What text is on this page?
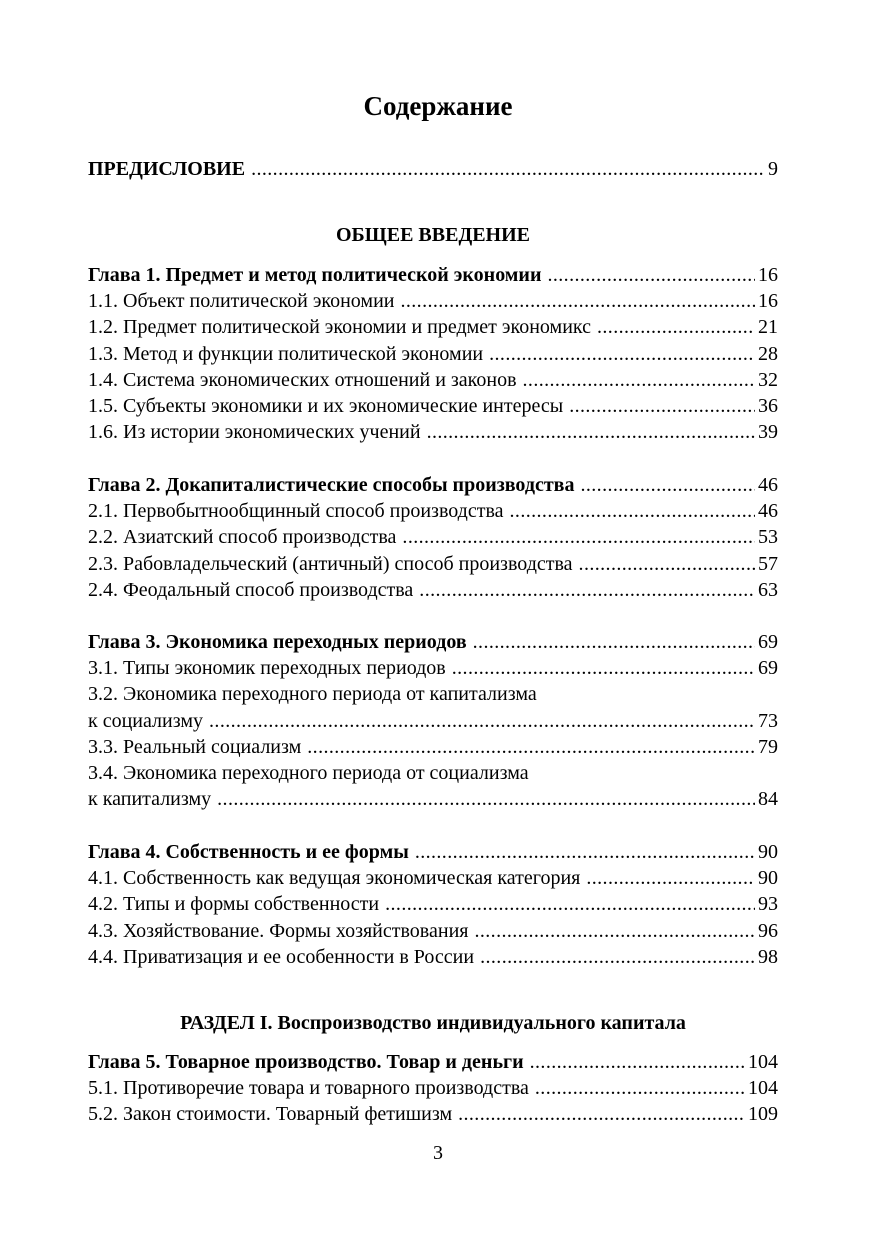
Содержание
ПРЕДИСЛОВИЕ .....	9
ОБЩЕЕ ВВЕДЕНИЕ
Глава 1. Предмет и метод политической экономии .....	16
1.1. Объект политической экономии .....	16
1.2. Предмет политической экономии и предмет экономикс .....	21
1.3. Метод и функции политической экономии .....	28
1.4. Система экономических отношений и законов .....	32
1.5. Субъекты экономики и их экономические интересы .....	36
1.6. Из истории экономических учений .....	39
Глава 2. Докапиталистические способы производства .....	46
2.1. Первобытнообщинный способ производства .....	46
2.2. Азиатский способ производства .....	53
2.3. Рабовладельческий (античный) способ производства .....	57
2.4. Феодальный способ производства .....	63
Глава 3. Экономика переходных периодов .....	69
3.1. Типы экономик переходных периодов .....	69
3.2. Экономика переходного периода от капитализма
к социализму .....	73
3.3. Реальный социализм .....	79
3.4. Экономика переходного периода от социализма
к капитализму .....	84
Глава 4. Собственность и ее формы .....	90
4.1. Собственность как ведущая экономическая категория .....	90
4.2. Типы и формы собственности .....	93
4.3. Хозяйствование. Формы хозяйствования .....	96
4.4. Приватизация и ее особенности в России .....	98
РАЗДЕЛ I. Воспроизводство индивидуального капитала
Глава 5. Товарное производство. Товар и деньги .....	104
5.1. Противоречие товара и товарного производства .....	104
5.2. Закон стоимости. Товарный фетишизм .....	109
3
